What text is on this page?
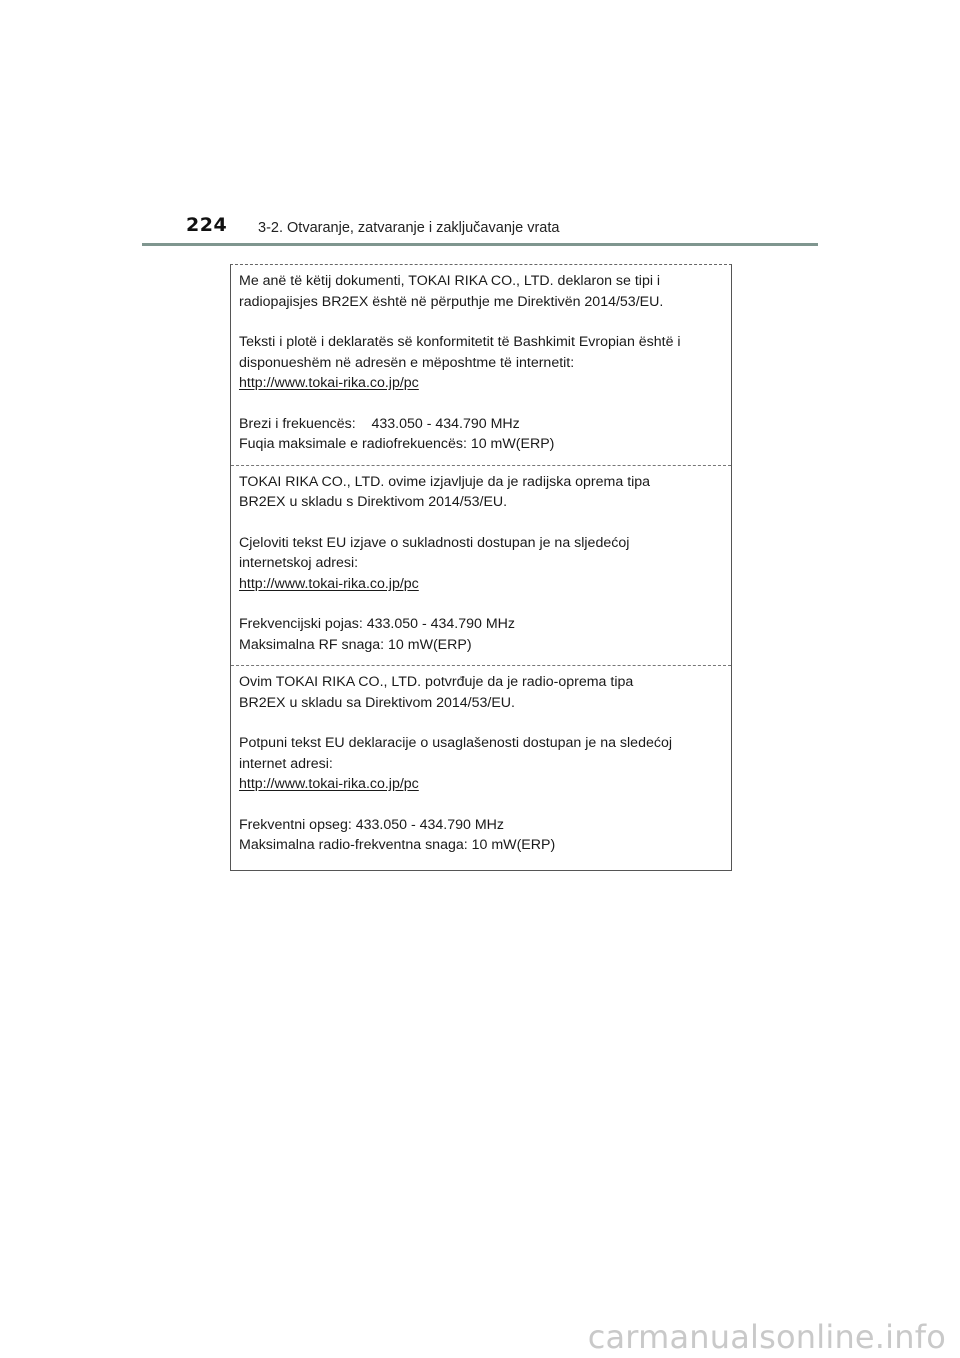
224 3-2. Otvaranje, zatvaranje i zaključavanje vrata

Me anë të këtij dokumenti, TOKAI RIKA CO., LTD. deklaron se tipi i

radiopajisjes BR2EX është në përputhje me Direktivën 2014/53/EU.

Teksti i plotë i deklaratës së konformitetit të Bashkimit Evropian është i

disponueshëm në adresën e mëposhtme të internetit:

http://www.tokai-rika.co.jp/pc

Brezi i frekuencës:    433.050 - 434.790 MHz

Fuqia maksimale e radiofrekuencës: 10 mW(ERP)

TOKAI RIKA CO., LTD. ovime izjavljuje da je radijska oprema tipa

BR2EX u skladu s Direktivom 2014/53/EU.

Cjeloviti tekst EU izjave o sukladnosti dostupan je na sljedećoj

internetskoj adresi:

http://www.tokai-rika.co.jp/pc

Frekvencijski pojas: 433.050 - 434.790 MHz

Maksimalna RF snaga: 10 mW(ERP)

Ovim TOKAI RIKA CO., LTD. potvrđuje da je radio-oprema tipa

BR2EX u skladu sa Direktivom 2014/53/EU.

Potpuni tekst EU deklaracije o usaglašenosti dostupan je na sledećoj

internet adresi:

http://www.tokai-rika.co.jp/pc

Frekventni opseg: 433.050 - 434.790 MHz

Maksimalna radio-frekventna snaga: 10 mW(ERP)

carmanualsonline.info
